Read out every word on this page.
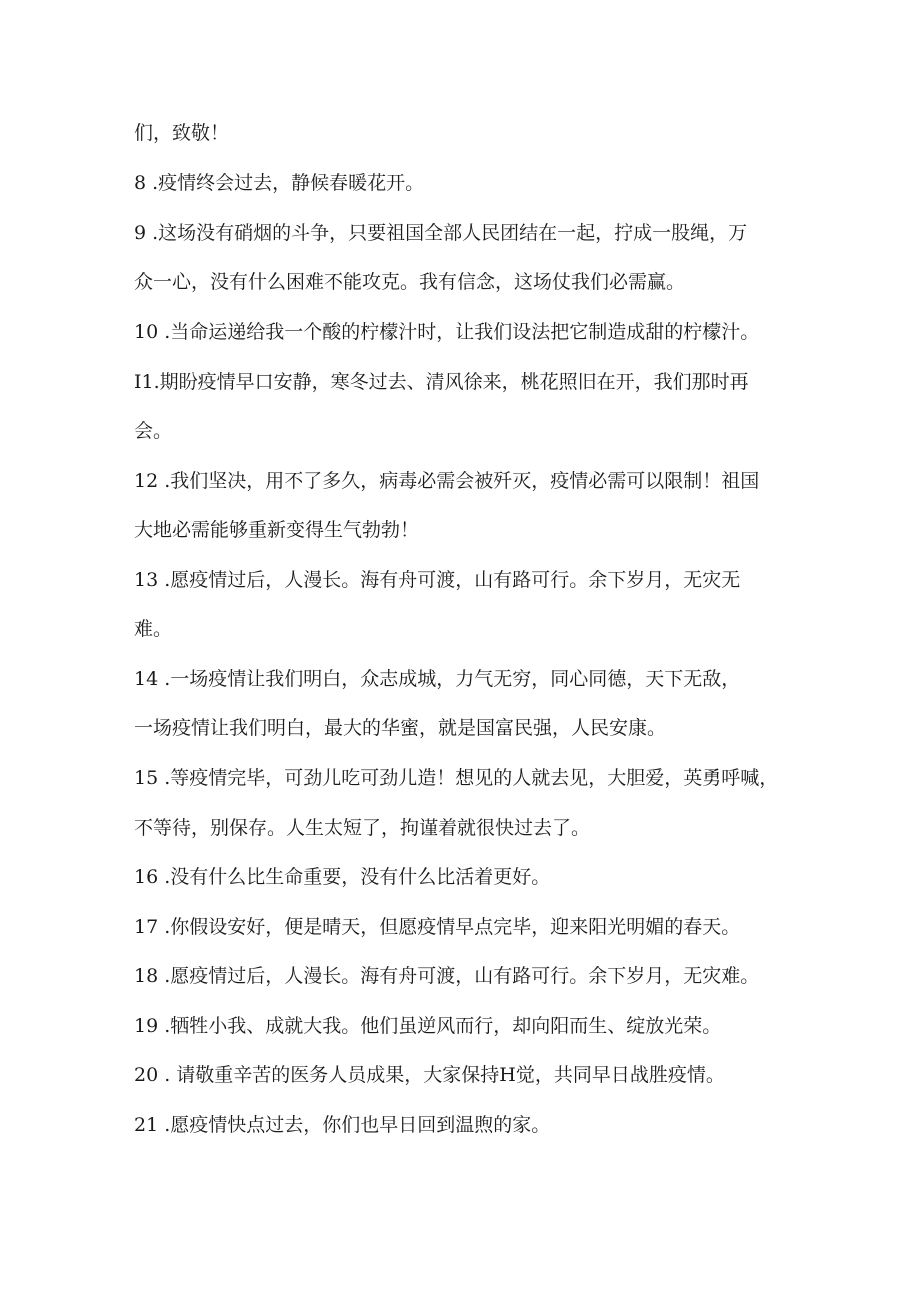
们，致敬！
8 .疫情终会过去，静候春暖花开。
9 .这场没有硝烟的斗争，只要祖国全部人民团结在一起，拧成一股绳，万
众一心，没有什么困难不能攻克。我有信念，这场仗我们必需赢。
10 .当命运递给我一个酸的柠檬汁时，让我们设法把它制造成甜的柠檬汁。
I1.期盼疫情早口安静，寒冬过去、清风徐来，桃花照旧在开，我们那时再
会。
12 .我们坚决，用不了多久，病毒必需会被歼灭，疫情必需可以限制！祖国
大地必需能够重新变得生气勃勃！
13 .愿疫情过后，人漫长。海有舟可渡，山有路可行。余下岁月，无灾无
难。
14 .一场疫情让我们明白，众志成城，力气无穷，同心同德，天下无敌，
一场疫情让我们明白，最大的华蜜，就是国富民强，人民安康。
15 .等疫情完毕，可劲儿吃可劲儿造！想见的人就去见，大胆爱，英勇呼喊，
不等待，别保存。人生太短了，拘谨着就很快过去了。
16 .没有什么比生命重要，没有什么比活着更好。
17 .你假设安好，便是晴天，但愿疫情早点完毕，迎来阳光明媚的春天。
18 .愿疫情过后，人漫长。海有舟可渡，山有路可行。余下岁月，无灾难。
19 .牺牲小我、成就大我。他们虽逆风而行，却向阳而生、绽放光荣。
20 . 请敬重辛苦的医务人员成果，大家保持H觉，共同早日战胜疫情。
21 .愿疫情快点过去，你们也早日回到温煦的家。
